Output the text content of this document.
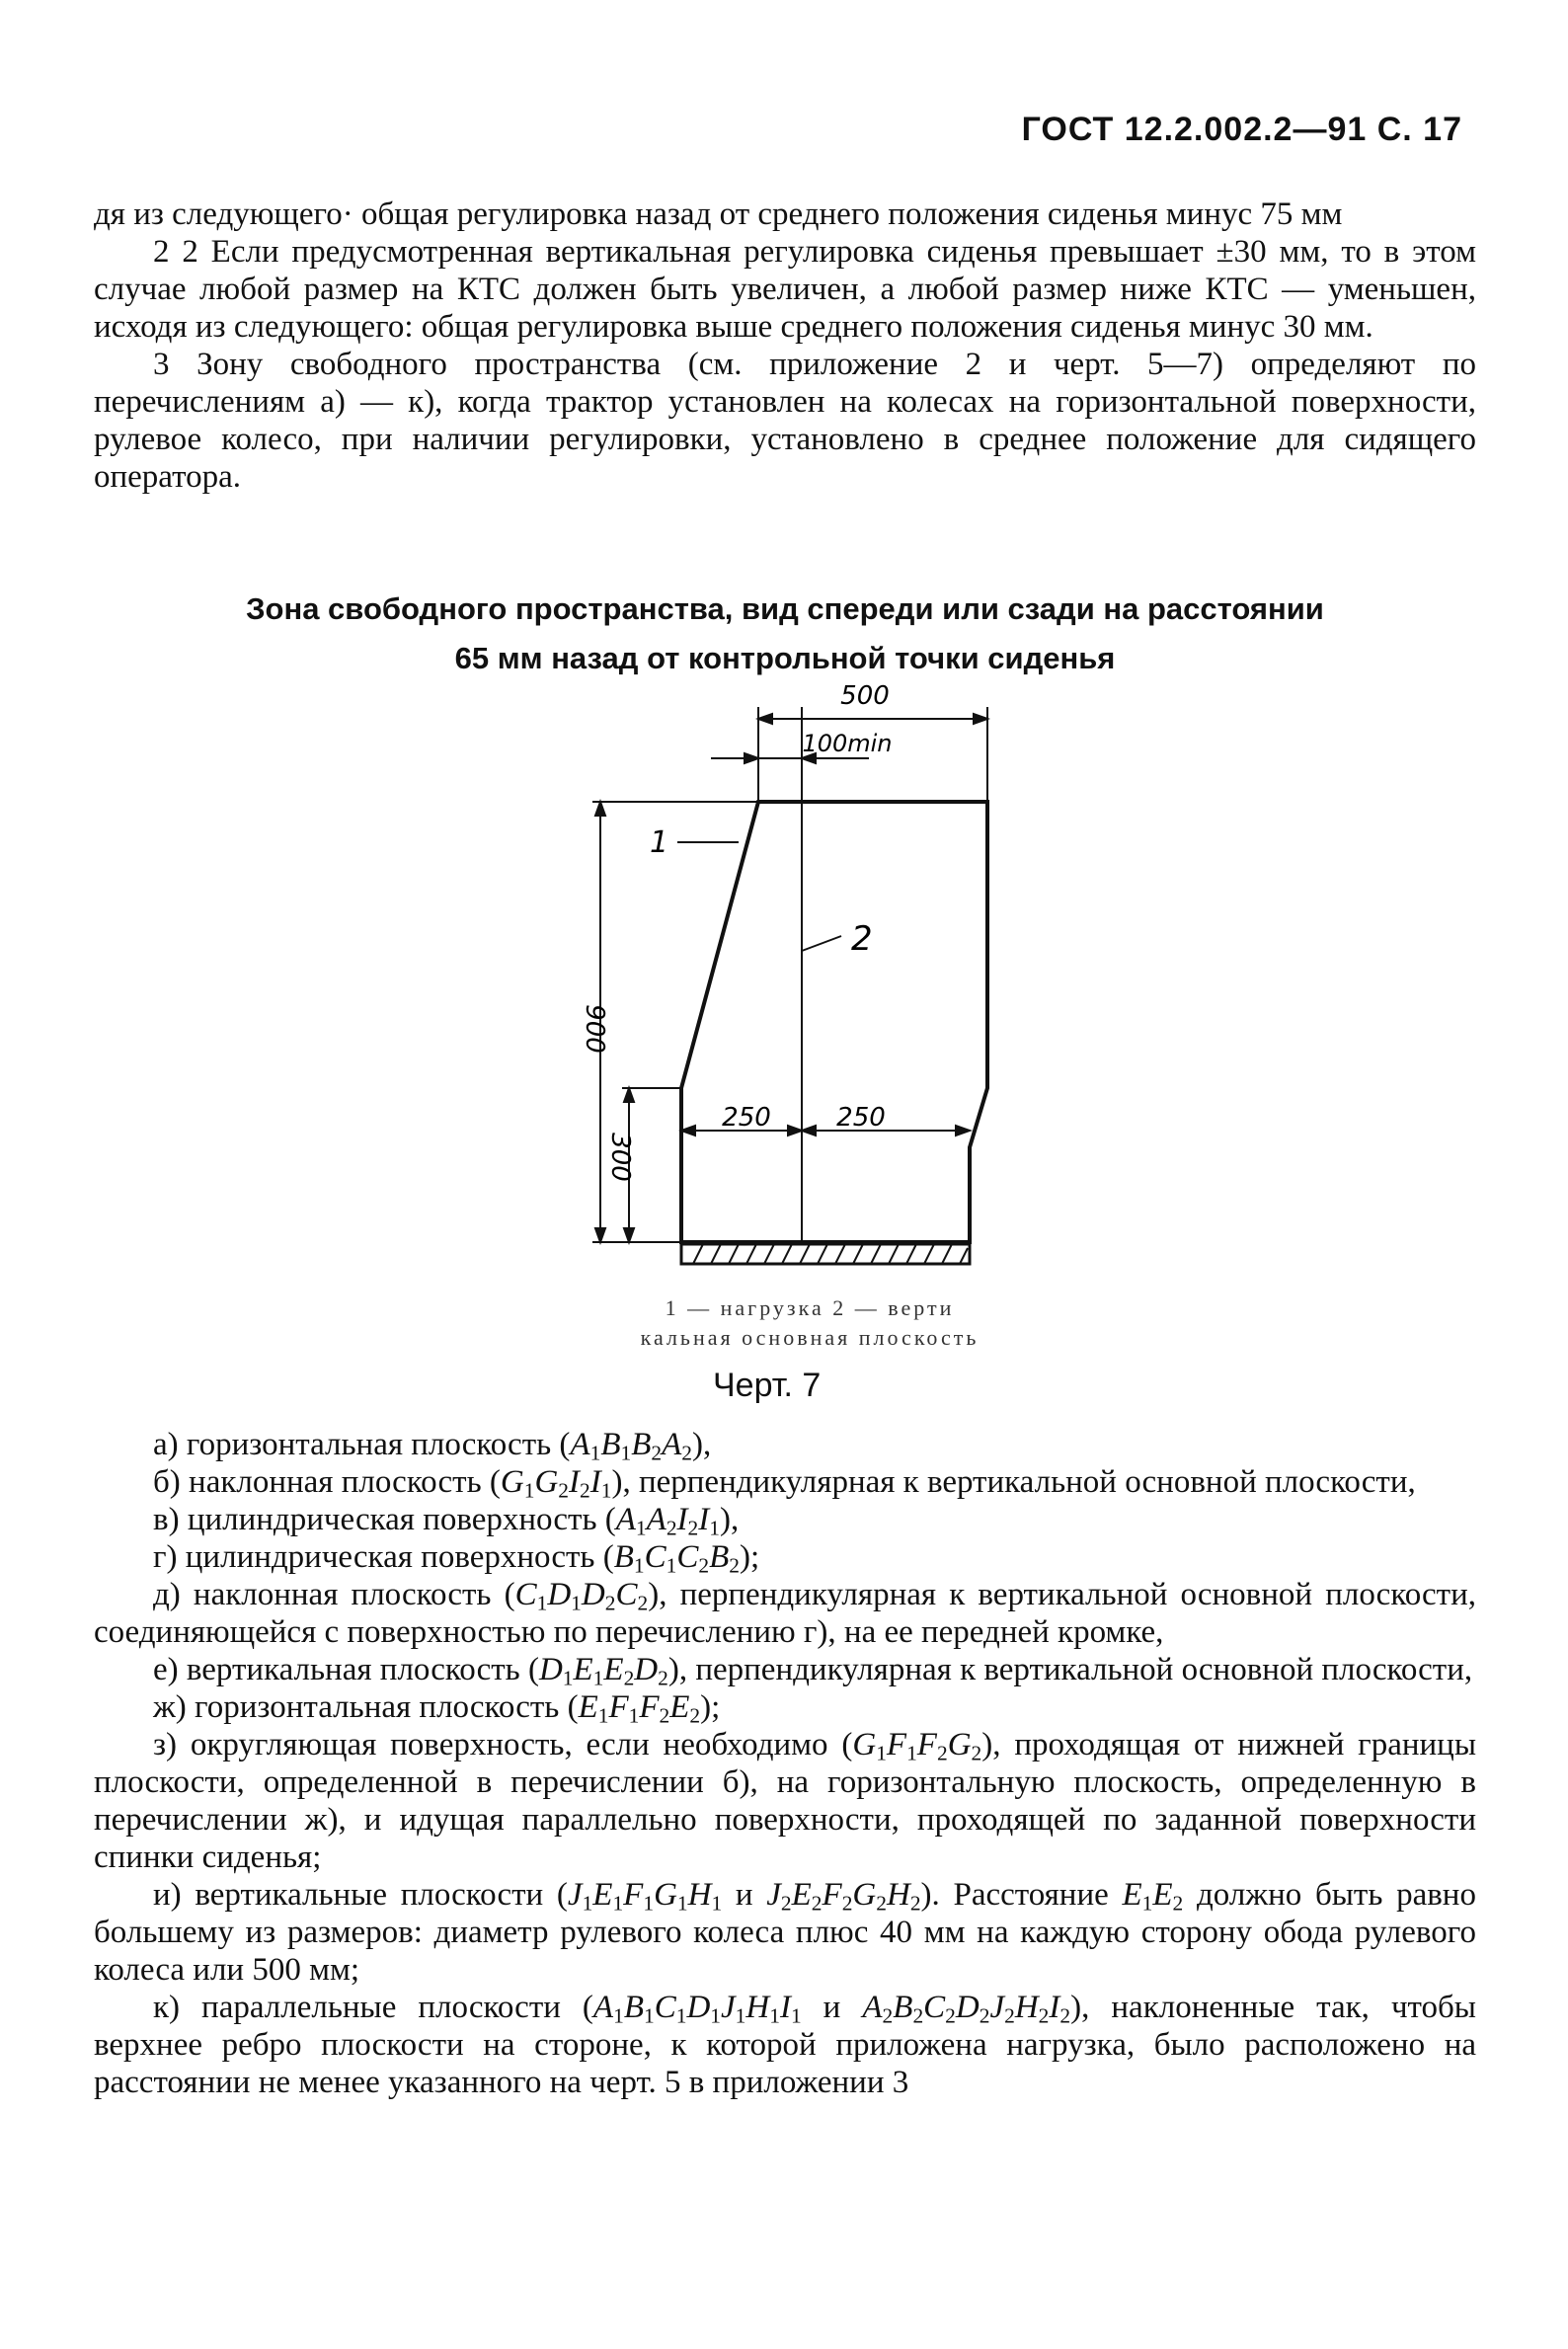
ГОСТ 12.2.002.2—91 С. 17

дя из следующего· общая регулировка назад от среднего положения сиденья минус 75 мм

2 2 Если предусмотренная вертикальная регулировка сиденья превышает ±30 мм, то в этом случае любой размер на КТС должен быть увеличен, а любой размер ниже КТС — уменьшен, исходя из следующего: общая регулировка выше среднего положения сиденья минус 30 мм.

3 Зону свободного пространства (см. приложение 2 и черт. 5—7) определяют по перечислениям а) — к), когда трактор установлен на колесах на горизонтальной поверхности, рулевое колесо, при наличии регулировки, установлено в среднее положение для сидящего оператора.

Зона свободного пространства, вид спереди или сзади на расстоянии
65 мм назад от контрольной точки сиденья
500
100min
250	250
900
300
1
2
1 — нагрузка 2 — верти
кальная основная плоскость
Черт. 7

а) горизонтальная плоскость $(A_1B_1B_2A_2)$,

б) наклонная плоскость $(G_1G_2I_2I_1)$, перпендикулярная к вертикальной основной плоскости,

в) цилиндрическая поверхность $(A_1A_2I_2I_1)$,

г) цилиндрическая поверхность $(B_1C_1C_2B_2)$;

д) наклонная плоскость $(C_1D_1D_2C_2)$, перпендикулярная к вертикальной основной плоскости, соединяющейся с поверхностью по перечислению г), на ее передней кромке,

е) вертикальная плоскость $(D_1E_1E_2D_2)$, перпендикулярная к вертикальной основной плоскости,

ж) горизонтальная плоскость $(E_1F_1F_2E_2)$;

з) округляющая поверхность, если необходимо $(G_1F_1F_2G_2)$, проходящая от нижней границы плоскости, определенной в перечислении б), на горизонтальную плоскость, определенную в перечислении ж), и идущая параллельно поверхности, проходящей по заданной поверхности спинки сиденья;

и) вертикальные плоскости ($J_1E_1F_1G_1H_1$ и $J_2E_2F_2G_2H_2$). Расстояние $E_1E_2$ должно быть равно большему из размеров: диаметр рулевого колеса плюс 40 мм на каждую сторону обода рулевого колеса или 500 мм;

к) параллельные плоскости ($A_1B_1C_1D_1J_1H_1I_1$ и $A_2B_2C_2D_2J_2H_2I_2$), наклоненные так, чтобы верхнее ребро плоскости на стороне, к которой приложена нагрузка, было расположено на расстоянии не менее указанного на черт. 5 в приложении 3
